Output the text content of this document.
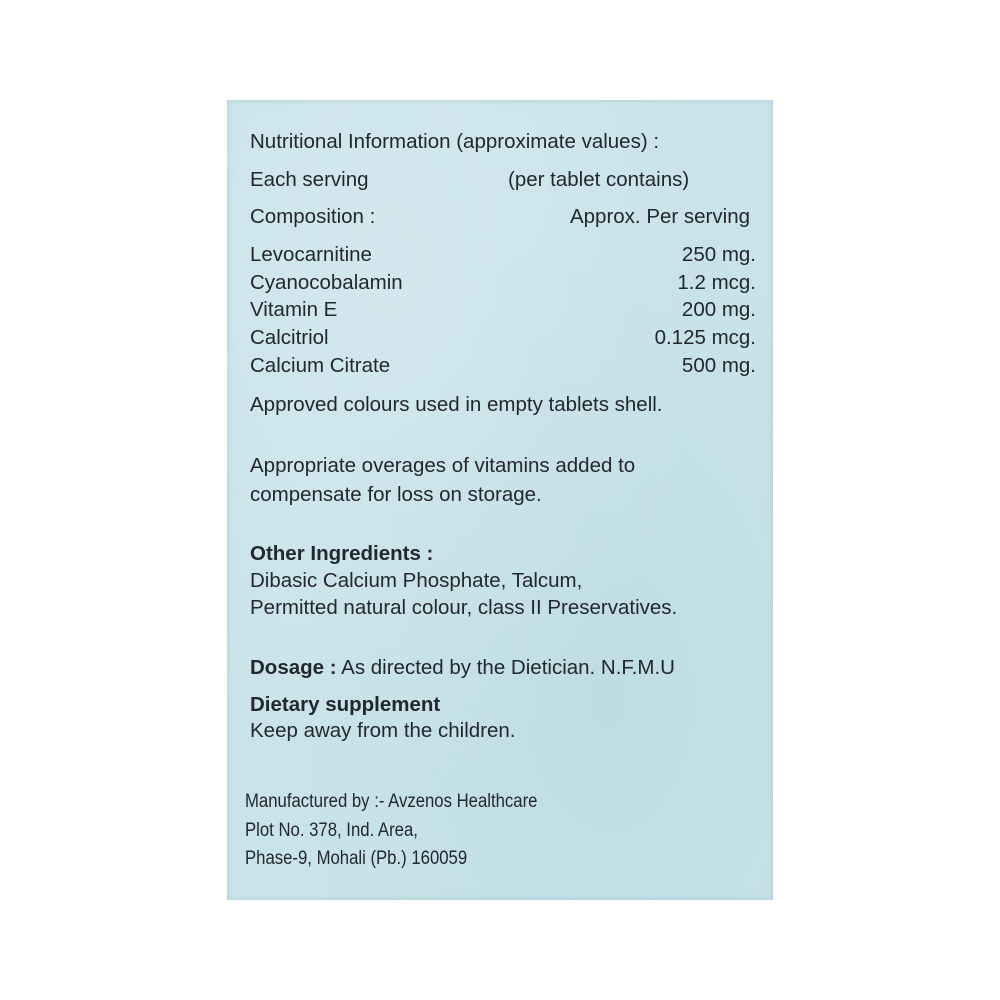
Nutritional Information (approximate values) :
Each serving	(per tablet contains)
Composition :	Approx. Per serving
Levocarnitine	250 mg.
Cyanocobalamin	1.2 mcg.
Vitamin E	200 mg.
Calcitriol	0.125 mcg.
Calcium Citrate	500 mg.
Approved colours used in empty tablets shell.
Appropriate overages of vitamins added to
compensate for loss on storage.
Other Ingredients :
Dibasic Calcium Phosphate, Talcum,
Permitted natural colour, class II Preservatives.
Dosage : As directed by the Dietician. N.F.M.U
Dietary supplement
Keep away from the children.
Manufactured by :- Avzenos Healthcare
Plot No. 378, Ind. Area,
Phase-9, Mohali (Pb.) 160059
